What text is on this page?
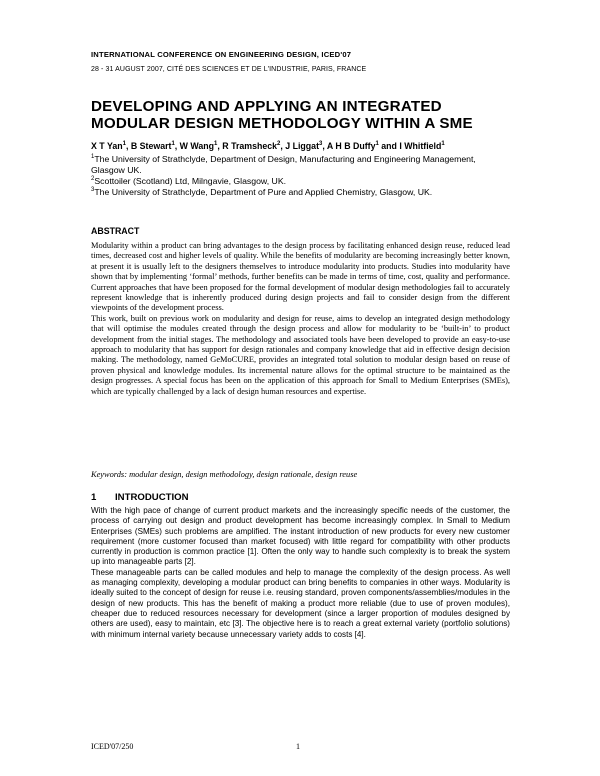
INTERNATIONAL CONFERENCE ON ENGINEERING DESIGN, ICED'07
28 - 31 AUGUST 2007, CITÉ DES SCIENCES ET DE L'INDUSTRIE, PARIS, FRANCE
DEVELOPING AND APPLYING AN INTEGRATED
MODULAR DESIGN METHODOLOGY WITHIN A SME
X T Yan$^1$, B Stewart$^1$, W Wang$^1$, R Tramsheck$^2$, J Liggat$^3$, A H B Duffy$^1$ and I Whitfield$^1$

$^1$The University of Strathclyde, Department of Design, Manufacturing and Engineering Management, Glasgow UK.

$^2$Scottoiler (Scotland) Ltd, Milngavie, Glasgow, UK.

$^3$The University of Strathclyde, Department of Pure and Applied Chemistry, Glasgow, UK.

ABSTRACT

Modularity within a product can bring advantages to the design process by facilitating enhanced design reuse, reduced lead times, decreased cost and higher levels of quality. While the benefits of modularity are becoming increasingly better known, at present it is usually left to the designers themselves to introduce modularity into products. Studies into modularity have shown that by implementing ‘formal’ methods, further benefits can be made in terms of time, cost, quality and performance. Current approaches that have been proposed for the formal development of modular design methodologies fail to accurately represent knowledge that is inherently produced during design projects and fail to consider design from the different viewpoints of the development process.

This work, built on previous work on modularity and design for reuse, aims to develop an integrated design methodology that will optimise the modules created through the design process and allow for modularity to be ‘built-in’ to product development from the initial stages. The methodology and associated tools have been developed to provide an easy-to-use approach to modularity that has support for design rationales and company knowledge that aid in effective design decision making. The methodology, named GeMoCURE, provides an integrated total solution to modular design based on reuse of proven physical and knowledge modules. Its incremental nature allows for the optimal structure to be maintained as the design progresses. A special focus has been on the application of this approach for Small to Medium Enterprises (SMEs), which are typically challenged by a lack of design human resources and expertise.

Keywords: modular design, design methodology, design rationale, design reuse

1 INTRODUCTION

With the high pace of change of current product markets and the increasingly specific needs of the customer, the process of carrying out design and product development has become increasingly complex. In Small to Medium Enterprises (SMEs) such problems are amplified. The instant introduction of new products for every new customer requirement (more customer focused than market focused) with little regard for compatibility with other products currently in production is common practice [1]. Often the only way to handle such complexity is to break the system up into manageable parts [2].

These manageable parts can be called modules and help to manage the complexity of the design process. As well as managing complexity, developing a modular product can bring benefits to companies in other ways. Modularity is ideally suited to the concept of design for reuse i.e. reusing standard, proven components/assemblies/modules in the design of new products. This has the benefit of making a product more reliable (due to use of proven modules), cheaper due to reduced resources necessary for development (since a larger proportion of modules designed by others are used), easy to maintain, etc [3]. The objective here is to reach a great external variety (portfolio solutions) with minimum internal variety because unnecessary variety adds to costs [4].

ICED'07/250	1
